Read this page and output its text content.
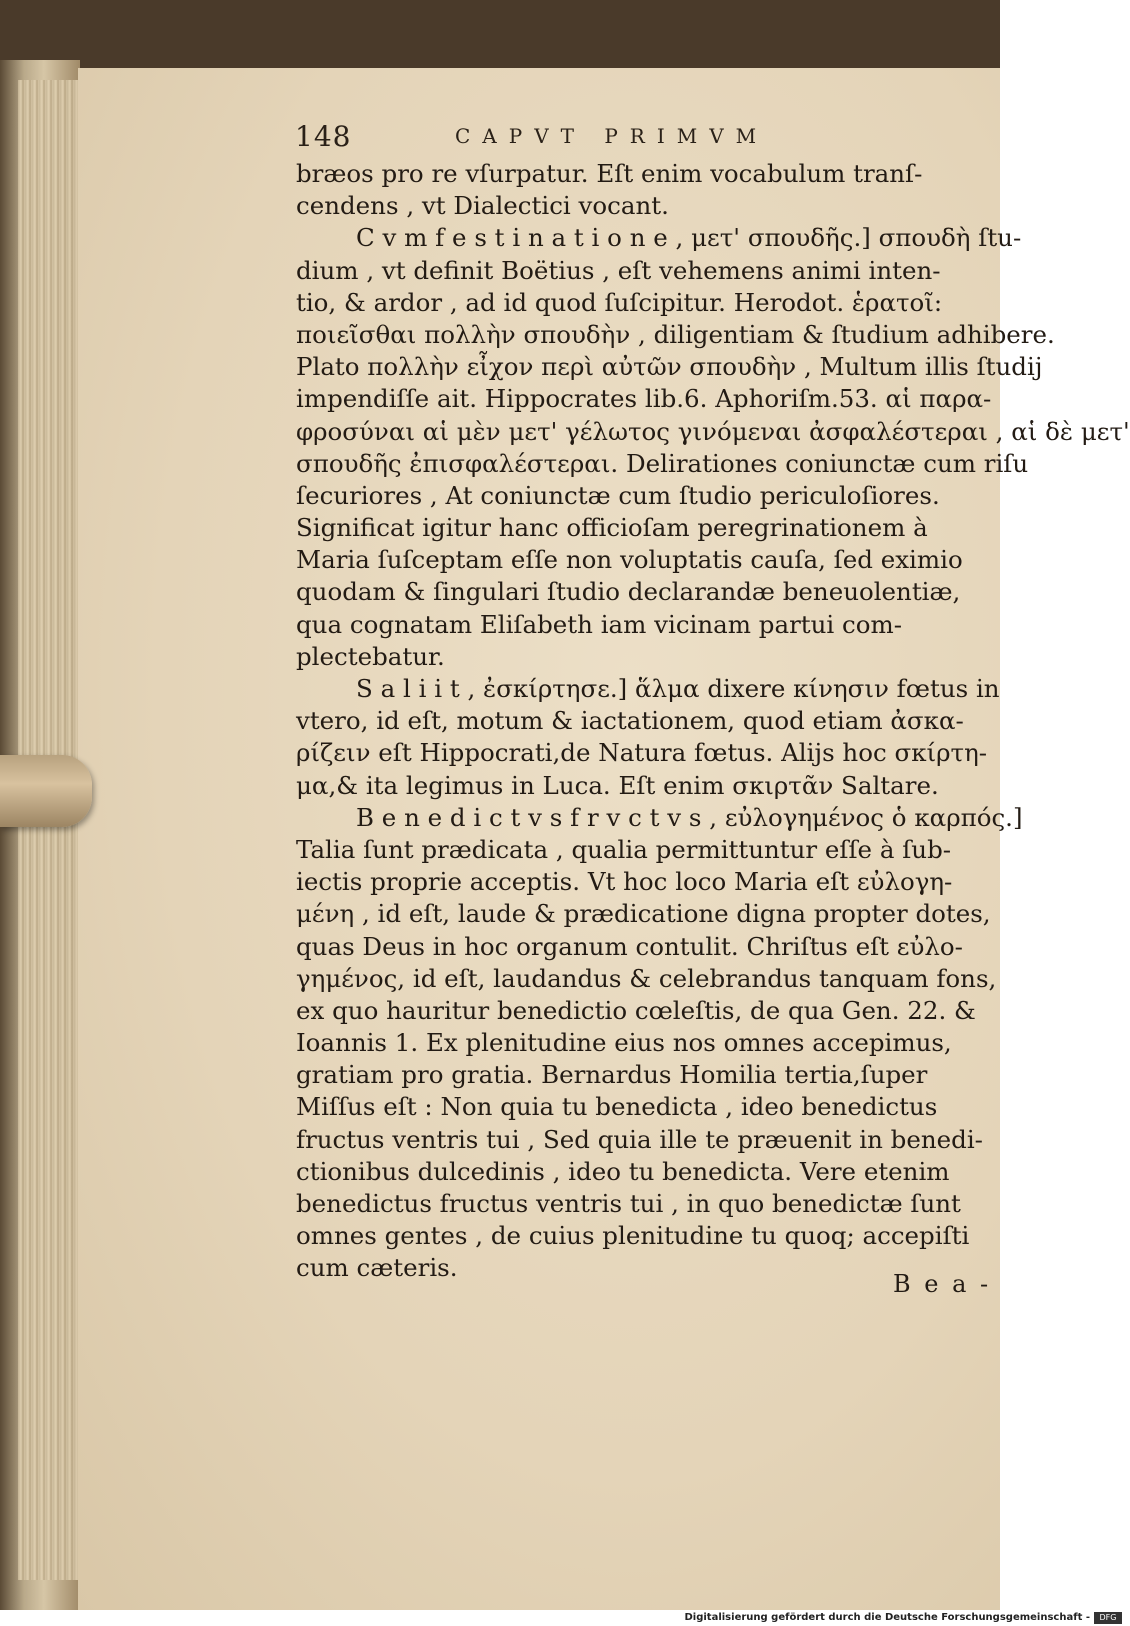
148	CAPVT PRIMVM
bræos pro re vſurpatur. Eſt enim vocabulum tranſ-
cendens , vt Dialectici vocant.
C v m f e s t i n a t i o n e , μετ' σπουδῆς.] σπουδὴ ſtu-
dium , vt definit Boëtius , eſt vehemens animi inten-
tio, & ardor , ad id quod ſuſcipitur. Herodot. ἑρατοῖ:
ποιεῖσθαι πολλὴν σπουδὴν , diligentiam & ſtudium adhibere.
Plato πολλὴν εἶχον περὶ αὐτῶν σπουδὴν , Multum illis ſtudij
impendiſſe ait. Hippocrates lib.6. Aphoriſm.53. αἱ παρα-
φροσύναι αἱ μὲν μετ' γέλωτος γινόμεναι ἀσφαλέστεραι , αἱ δὲ μετ'
σπουδῆς ἐπισφαλέστεραι. Delirationes coniunctæ cum riſu
ſecuriores , At coniunctæ cum ſtudio periculoſiores.
Significat igitur hanc officioſam peregrinationem à
Maria ſuſceptam eſſe non voluptatis cauſa, ſed eximio
quodam & ſingulari ſtudio declarandæ beneuolentiæ,
qua cognatam Eliſabeth iam vicinam partui com-
plectebatur.
S a l i i t , ἐσκίρτησε.] ἅλμα dixere κίνησιν fœtus in
vtero, id eſt, motum & iactationem, quod etiam ἀσκα-
ρίζειν eſt Hippocrati,de Natura fœtus. Alijs hoc σκίρτη-
μα,& ita legimus in Luca. Eſt enim σκιρτᾶν Saltare.
B e n e d i c t v s f r v c t v s , εὐλογημένος ὁ καρπός.]
Talia ſunt prædicata , qualia permittuntur eſſe à ſub-
iectis proprie acceptis. Vt hoc loco Maria eſt εὐλογη-
μένη , id eſt, laude & prædicatione digna propter dotes,
quas Deus in hoc organum contulit. Chriſtus eſt εὐλο-
γημένος, id eſt, laudandus & celebrandus tanquam fons,
ex quo hauritur benedictio cœleſtis, de qua Gen. 22. &
Ioannis 1. Ex plenitudine eius nos omnes accepimus,
gratiam pro gratia. Bernardus Homilia tertia,ſuper
Miſſus eſt : Non quia tu benedicta , ideo benedictus
fructus ventris tui , Sed quia ille te præuenit in benedi-
ctionibus dulcedinis , ideo tu benedicta. Vere etenim
benedictus fructus ventris tui , in quo benedictæ ſunt
omnes gentes , de cuius plenitudine tu quoq; accepiſti
cum cæteris.
B e a -
Digitalisierung gefördert durch die Deutsche Forschungsgemeinschaft -	DFG
